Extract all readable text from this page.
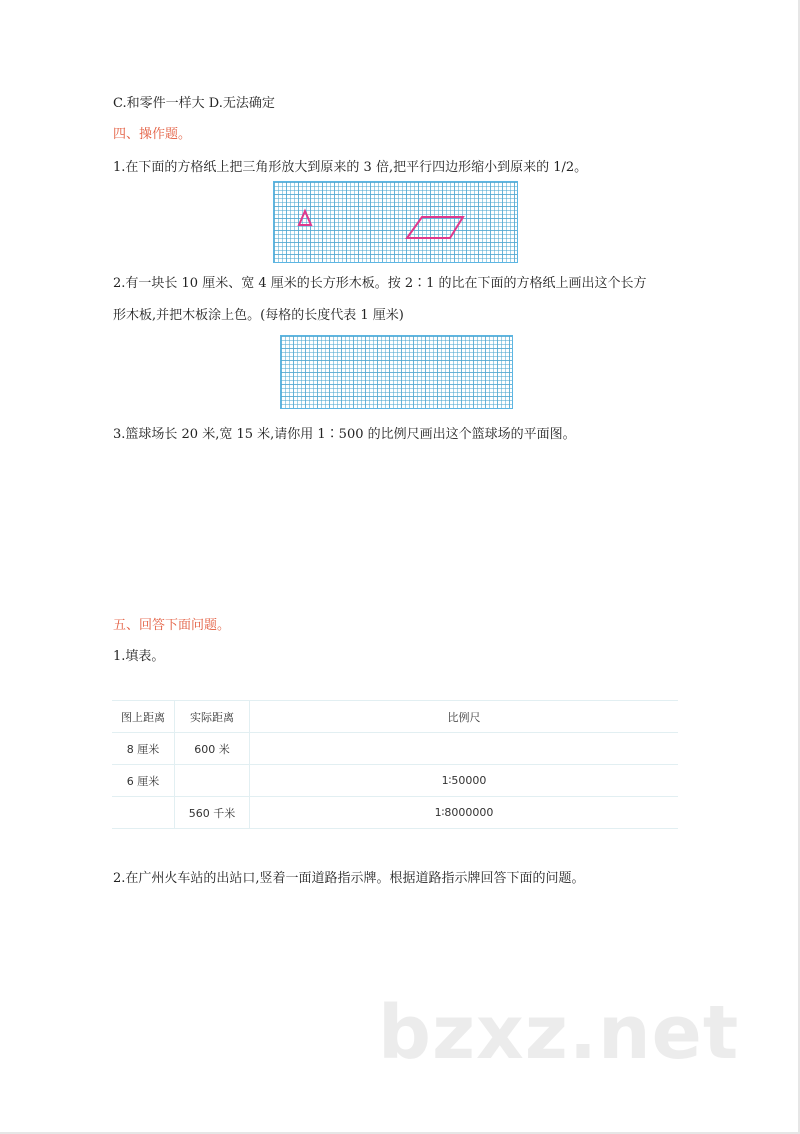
C.和零件一样大 D.无法确定
四、操作题。
1.在下面的方格纸上把三角形放大到原来的 3 倍,把平行四边形缩小到原来的 1/2。
2.有一块长 10 厘米、宽 4 厘米的长方形木板。按 2∶1 的比在下面的方格纸上画出这个长方
形木板,并把木板涂上色。(每格的长度代表 1 厘米)
3.篮球场长 20 米,宽 15 米,请你用 1∶500 的比例尺画出这个篮球场的平面图。
五、回答下面问题。
1.填表。
图上距离	实际距离	比例尺
8 厘米	600 米	
6 厘米		1∶50000
	560 千米	1∶8000000
2.在广州火车站的出站口,竖着一面道路指示牌。根据道路指示牌回答下面的问题。
bzxz.net
